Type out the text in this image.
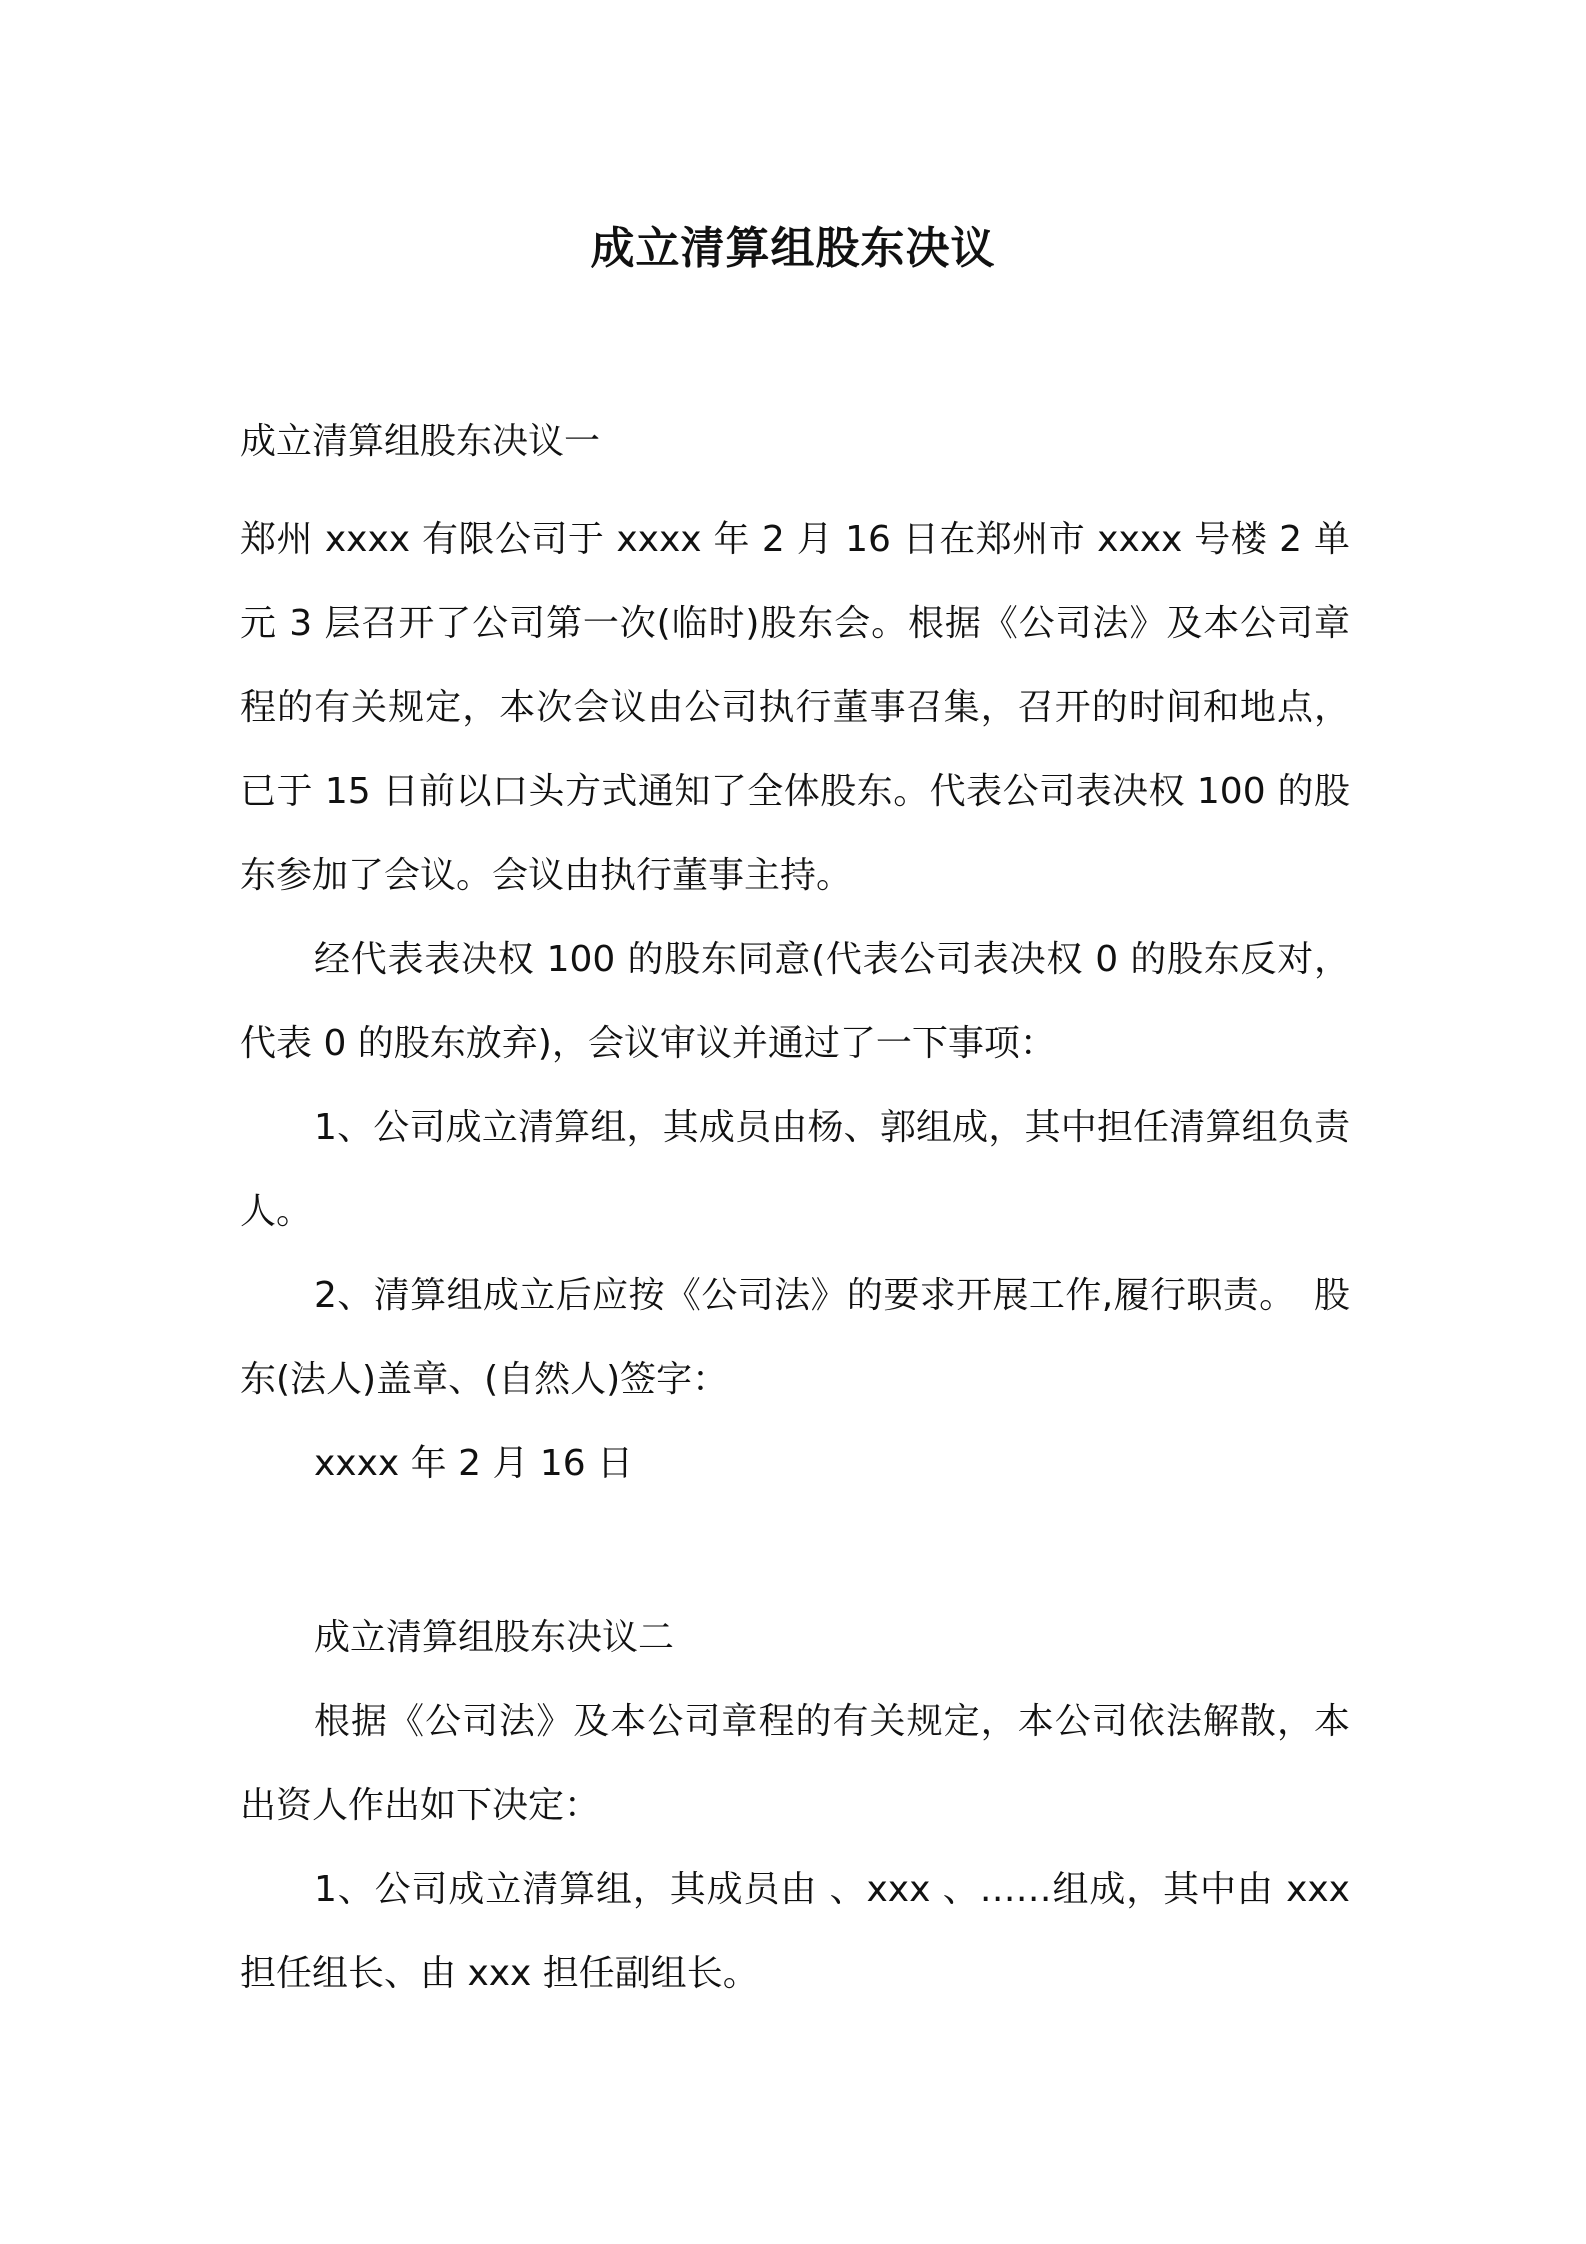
成立清算组股东决议

成立清算组股东决议一

郑州 xxxx 有限公司于 xxxx 年 2 月 16 日在郑州市 xxxx 号楼 2 单元 3 层召开了公司第一次(临时)股东会。根据《公司法》及本公司章程的有关规定，本次会议由公司执行董事召集，召开的时间和地点，已于 15 日前以口头方式通知了全体股东。代表公司表决权 100 的股东参加了会议。会议由执行董事主持。

经代表表决权 100 的股东同意(代表公司表决权 0 的股东反对，代表 0 的股东放弃)，会议审议并通过了一下事项：

1、公司成立清算组，其成员由杨、郭组成，其中担任清算组负责人。

2、清算组成立后应按《公司法》的要求开展工作,履行职责。　股东(法人)盖章、(自然人)签字：

xxxx 年 2 月 16 日

成立清算组股东决议二

根据《公司法》及本公司章程的有关规定，本公司依法解散，本出资人作出如下决定：

1、公司成立清算组，其成员由 、xxx 、……组成，其中由 xxx 担任组长、由 xxx 担任副组长。
